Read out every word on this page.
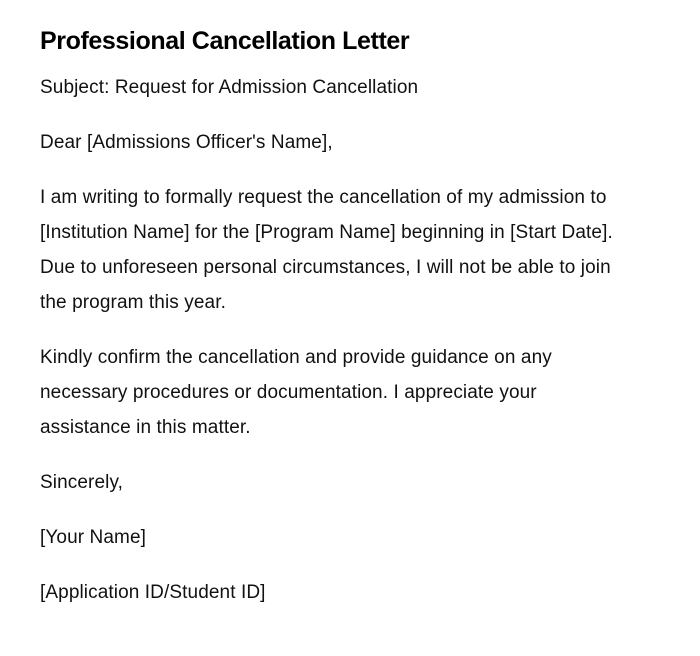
Professional Cancellation Letter

Subject: Request for Admission Cancellation

Dear [Admissions Officer's Name],

I am writing to formally request the cancellation of my admission to [Institution Name] for the [Program Name] beginning in [Start Date]. Due to unforeseen personal circumstances, I will not be able to join the program this year.

Kindly confirm the cancellation and provide guidance on any necessary procedures or documentation. I appreciate your assistance in this matter.

Sincerely,

[Your Name]

[Application ID/Student ID]
